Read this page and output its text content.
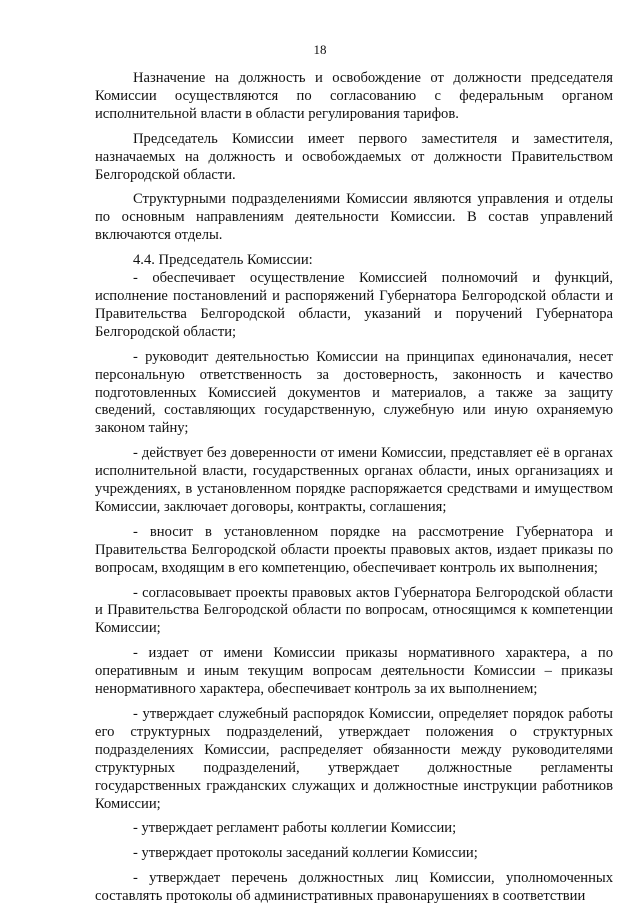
18

Назначение на должность и освобождение от должности председателя Комиссии осуществляются по согласованию с федеральным органом исполнительной власти в области регулирования тарифов.

Председатель Комиссии имеет первого заместителя и заместителя, назначаемых на должность и освобождаемых от должности Правительством Белгородской области.

Структурными подразделениями Комиссии являются управления и отделы по основным направлениям деятельности Комиссии. В состав управлений включаются отделы.

4.4. Председатель Комиссии:

- обеспечивает осуществление Комиссией полномочий и функций, исполнение постановлений и распоряжений Губернатора Белгородской области и Правительства Белгородской области, указаний и поручений Губернатора Белгородской области;

- руководит деятельностью Комиссии на принципах единоначалия, несет персональную ответственность за достоверность, законность и качество подготовленных Комиссией документов и материалов, а также за защиту сведений, составляющих государственную, служебную или иную охраняемую законом тайну;

- действует без доверенности от имени Комиссии, представляет её в органах исполнительной власти, государственных органах области, иных организациях и учреждениях, в установленном порядке распоряжается средствами и имуществом Комиссии, заключает договоры, контракты, соглашения;

- вносит в установленном порядке на рассмотрение Губернатора и Правительства Белгородской области проекты правовых актов, издает приказы по вопросам, входящим в его компетенцию, обеспечивает контроль их выполнения;

- согласовывает проекты правовых актов Губернатора Белгородской области и Правительства Белгородской области по вопросам, относящимся к компетенции Комиссии;

- издает от имени Комиссии приказы нормативного характера, а по оперативным и иным текущим вопросам деятельности Комиссии – приказы ненормативного характера, обеспечивает контроль за их выполнением;

- утверждает служебный распорядок Комиссии, определяет порядок работы его структурных подразделений, утверждает положения о структурных подразделениях Комиссии, распределяет обязанности между руководителями структурных подразделений, утверждает должностные регламенты государственных гражданских служащих и должностные инструкции работников Комиссии;

- утверждает регламент работы коллегии Комиссии;

- утверждает протоколы заседаний коллегии Комиссии;

- утверждает перечень должностных лиц Комиссии, уполномоченных составлять протоколы об административных правонарушениях в соответствии
